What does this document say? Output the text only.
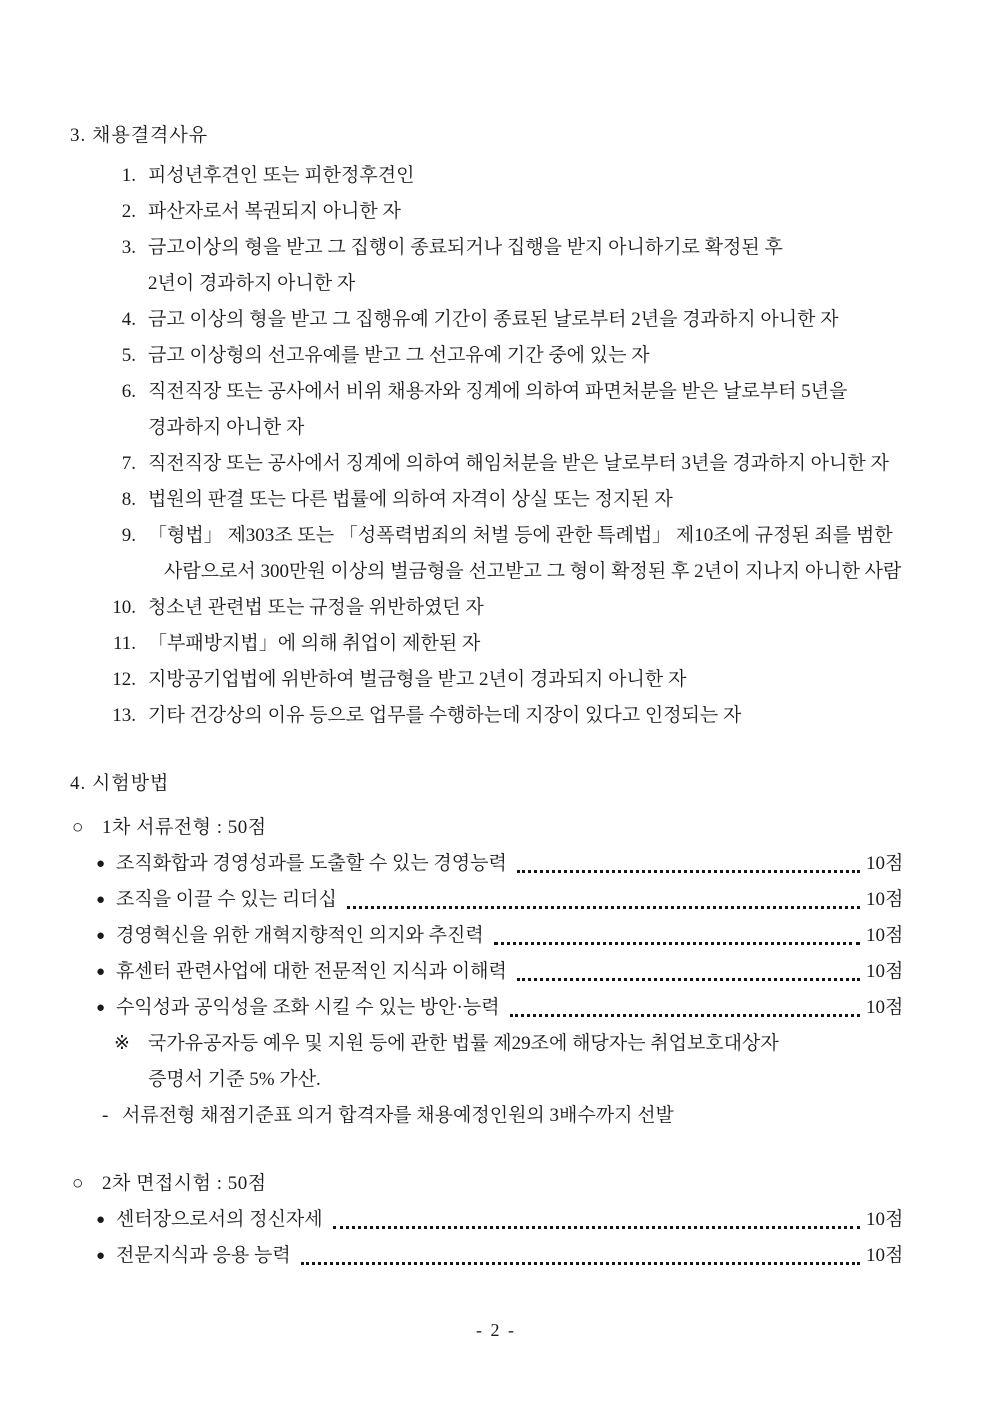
3. 채용결격사유
1. 피성년후견인 또는 피한정후견인
2. 파산자로서 복권되지 아니한 자
3. 금고이상의 형을 받고 그 집행이 종료되거나 집행을 받지 아니하기로 확정된 후
2년이 경과하지 아니한 자
4. 금고 이상의 형을 받고 그 집행유예 기간이 종료된 날로부터 2년을 경과하지 아니한 자
5. 금고 이상형의 선고유예를 받고 그 선고유예 기간 중에 있는 자
6. 직전직장 또는 공사에서 비위 채용자와 징계에 의하여 파면처분을 받은 날로부터 5년을
경과하지 아니한 자
7. 직전직장 또는 공사에서 징계에 의하여 해임처분을 받은 날로부터 3년을 경과하지 아니한 자
8. 법원의 판결 또는 다른 법률에 의하여 자격이 상실 또는 정지된 자
9. 「형법」 제303조 또는 「성폭력범죄의 처벌 등에 관한 특례법」 제10조에 규정된 죄를 범한
사람으로서 300만원 이상의 벌금형을 선고받고 그 형이 확정된 후 2년이 지나지 아니한 사람
10. 청소년 관련법 또는 규정을 위반하였던 자
11. 「부패방지법」에 의해 취업이 제한된 자
12. 지방공기업법에 위반하여 벌금형을 받고 2년이 경과되지 아니한 자
13. 기타 건강상의 이유 등으로 업무를 수행하는데 지장이 있다고 인정되는 자
4. 시험방법
○ 1차 서류전형 : 50점
● 조직화합과 경영성과를 도출할 수 있는 경영능력	10점
● 조직을 이끌 수 있는 리더십	10점
● 경영혁신을 위한 개혁지향적인 의지와 추진력	10점
● 휴센터 관련사업에 대한 전문적인 지식과 이해력	10점
● 수익성과 공익성을 조화 시킬 수 있는 방안·능력	10점
※ 국가유공자등 예우 및 지원 등에 관한 법률 제29조에 해당자는 취업보호대상자
증명서 기준 5% 가산.
- 서류전형 채점기준표 의거 합격자를 채용예정인원의 3배수까지 선발
○ 2차 면접시험 : 50점
● 센터장으로서의 정신자세	10점
● 전문지식과 응용 능력	10점
- 2 -
